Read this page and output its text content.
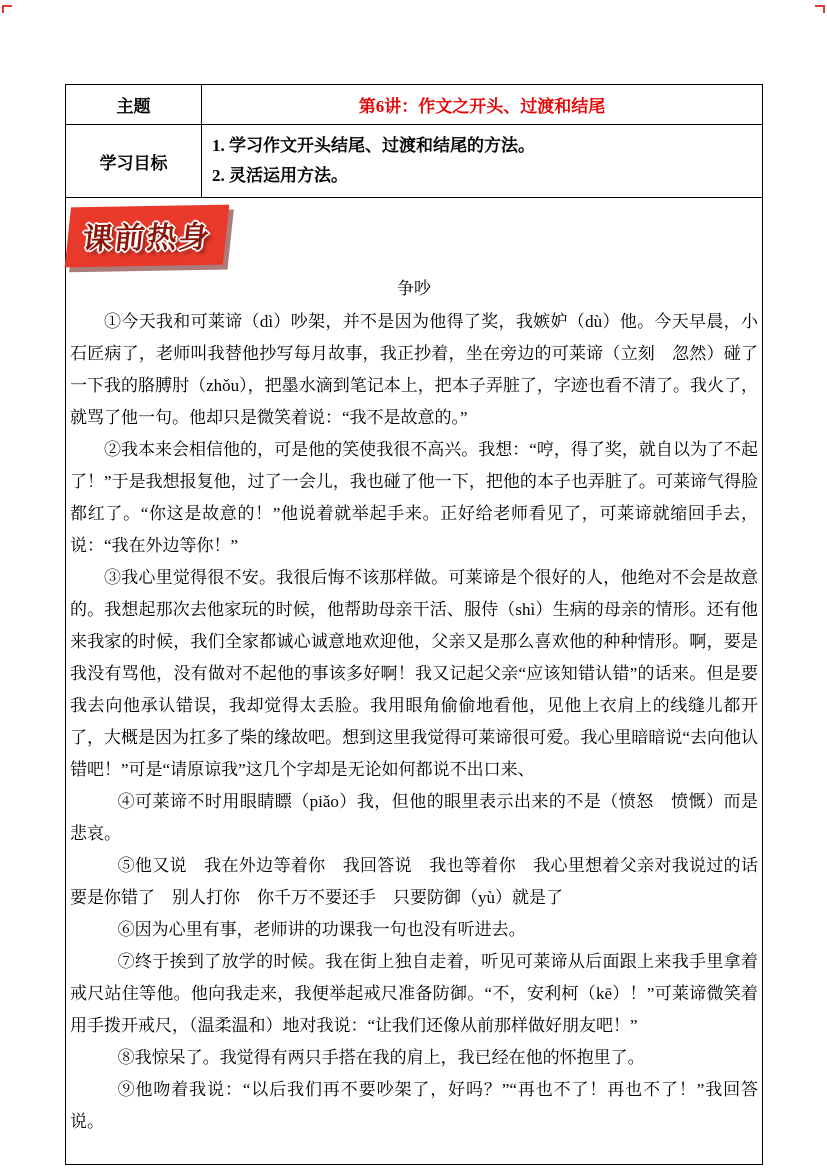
主题	第6讲：作文之开头、过渡和结尾
学习目标	1. 学习作文开头结尾、过渡和结尾的方法。
2. 灵活运用方法。

课前热身
争吵

①今天我和可莱谛（dì）吵架，并不是因为他得了奖，我嫉妒（dù）他。今天早晨，小石匠病了，老师叫我替他抄写每月故事，我正抄着，坐在旁边的可莱谛（立刻　忽然）碰了一下我的胳膊肘（zhǒu），把墨水滴到笔记本上，把本子弄脏了，字迹也看不清了。我火了，就骂了他一句。他却只是微笑着说：“我不是故意的。”

②我本来会相信他的，可是他的笑使我很不高兴。我想：“哼，得了奖，就自以为了不起了！”于是我想报复他，过了一会儿，我也碰了他一下，把他的本子也弄脏了。可莱谛气得脸都红了。“你这是故意的！”他说着就举起手来。正好给老师看见了，可莱谛就缩回手去，说：“我在外边等你！”

③我心里觉得很不安。我很后悔不该那样做。可莱谛是个很好的人，他绝对不会是故意的。我想起那次去他家玩的时候，他帮助母亲干活、服侍（shì）生病的母亲的情形。还有他来我家的时候，我们全家都诚心诚意地欢迎他，父亲又是那么喜欢他的种种情形。啊，要是我没有骂他，没有做对不起他的事该多好啊！我又记起父亲“应该知错认错”的话来。但是要我去向他承认错误，我却觉得太丢脸。我用眼角偷偷地看他，见他上衣肩上的线缝儿都开了，大概是因为扛多了柴的缘故吧。想到这里我觉得可莱谛很可爱。我心里暗暗说“去向他认错吧！”可是“请原谅我”这几个字却是无论如何都说不出口来、

④可莱谛不时用眼睛瞟（piǎo）我，但他的眼里表示出来的不是（愤怒　愤慨）而是悲哀。

⑤他又说　我在外边等着你　我回答说　我也等着你　我心里想着父亲对我说过的话　要是你错了　别人打你　你千万不要还手　只要防御（yù）就是了

⑥因为心里有事，老师讲的功课我一句也没有听进去。

⑦终于挨到了放学的时候。我在街上独自走着，听见可莱谛从后面跟上来我手里拿着戒尺站住等他。他向我走来，我便举起戒尺准备防御。“不，安利柯（kē）！”可莱谛微笑着用手拨开戒尺，（温柔温和）地对我说：“让我们还像从前那样做好朋友吧！”

⑧我惊呆了。我觉得有两只手搭在我的肩上，我已经在他的怀抱里了。

⑨他吻着我说：“以后我们再不要吵架了，好吗？”“再也不了！再也不了！”我回答说。
